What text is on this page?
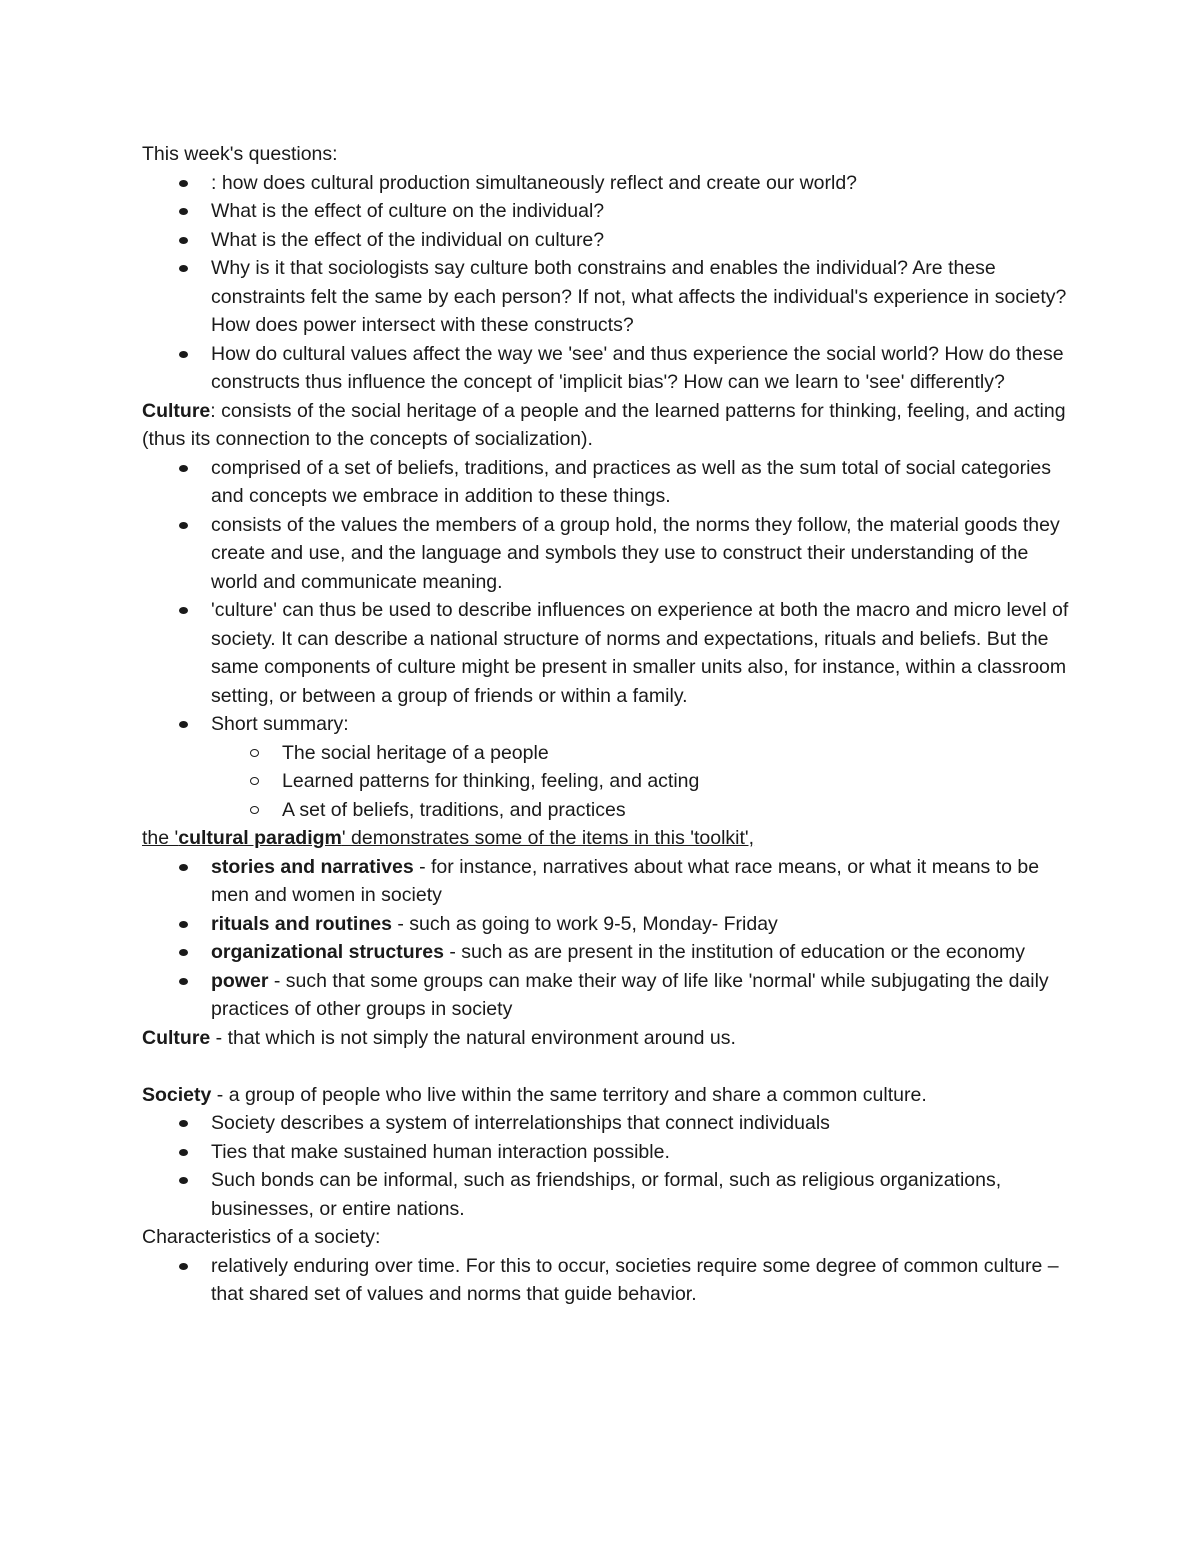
This week's questions:

: how does cultural production simultaneously reflect and create our world?
What is the effect of culture on the individual?
What is the effect of the individual on culture?
Why is it that sociologists say culture both constrains and enables the individual? Are these constraints felt the same by each person? If not, what affects the individual's experience in society? How does power intersect with these constructs?
How do cultural values affect the way we 'see' and thus experience the social world? How do these constructs thus influence the concept of 'implicit bias'? How can we learn to 'see' differently?

Culture: consists of the social heritage of a people and the learned patterns for thinking, feeling, and acting (thus its connection to the concepts of socialization).

comprised of a set of beliefs, traditions, and practices as well as the sum total of social categories and concepts we embrace in addition to these things.
consists of the values the members of a group hold, the norms they follow, the material goods they create and use, and the language and symbols they use to construct their understanding of the world and communicate meaning.
'culture' can thus be used to describe influences on experience at both the macro and micro level of society. It can describe a national structure of norms and expectations, rituals and beliefs. But the same components of culture might be present in smaller units also, for instance, within a classroom setting, or between a group of friends or within a family.
Short summary:
The social heritage of a people
Learned patterns for thinking, feeling, and acting
A set of beliefs, traditions, and practices

the 'cultural paradigm' demonstrates some of the items in this 'toolkit',

stories and narratives - for instance, narratives about what race means, or what it means to be men and women in society
rituals and routines - such as going to work 9-5, Monday- Friday
organizational structures - such as are present in the institution of education or the economy
power - such that some groups can make their way of life like 'normal' while subjugating the daily practices of other groups in society

Culture - that which is not simply the natural environment around us.

Society - a group of people who live within the same territory and share a common culture.

Society describes a system of interrelationships that connect individuals
Ties that make sustained human interaction possible.
Such bonds can be informal, such as friendships, or formal, such as religious organizations, businesses, or entire nations.

Characteristics of a society:

relatively enduring over time. For this to occur, societies require some degree of common culture – that shared set of values and norms that guide behavior.
